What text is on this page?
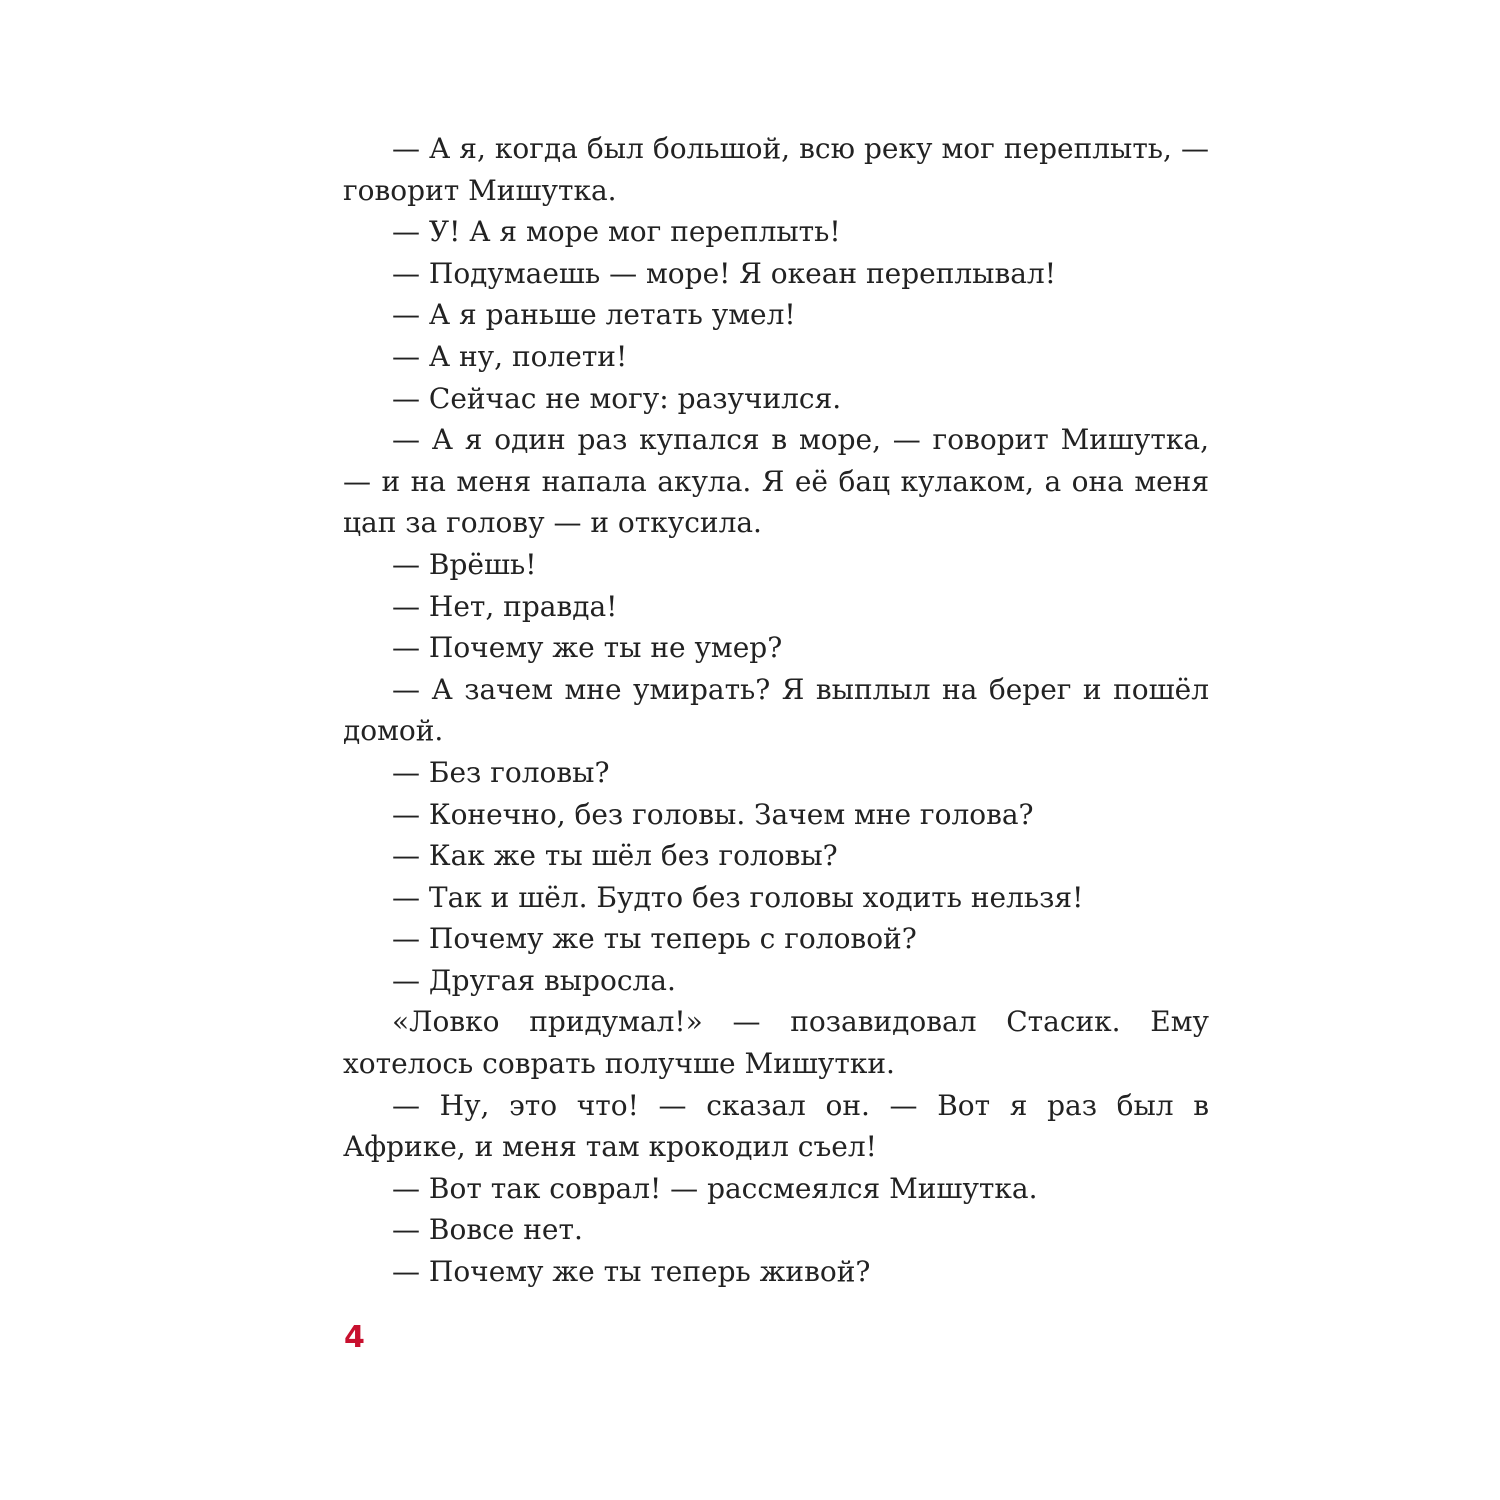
— А я, когда был большой, всю реку мог переплыть, — говорит Мишутка.

— У! А я море мог переплыть!

— Подумаешь — море! Я океан переплывал!

— А я раньше летать умел!

— А ну, полети!

— Сейчас не могу: разучился.

— А я один раз купался в море, — говорит Мишутка, — и на меня напала акула. Я её бац кулаком, а она меня цап за голову — и откусила.

— Врёшь!

— Нет, правда!

— Почему же ты не умер?

— А зачем мне умирать? Я выплыл на берег и пошёл домой.

— Без головы?

— Конечно, без головы. Зачем мне голова?

— Как же ты шёл без головы?

— Так и шёл. Будто без головы ходить нельзя!

— Почему же ты теперь с головой?

— Другая выросла.

«Ловко придумал!» — позавидовал Стасик. Ему хотелось соврать получше Мишутки.

— Ну, это что! — сказал он. — Вот я раз был в Африке, и меня там крокодил съел!

— Вот так соврал! — рассмеялся Мишутка.

— Вовсе нет.

— Почему же ты теперь живой?

4
